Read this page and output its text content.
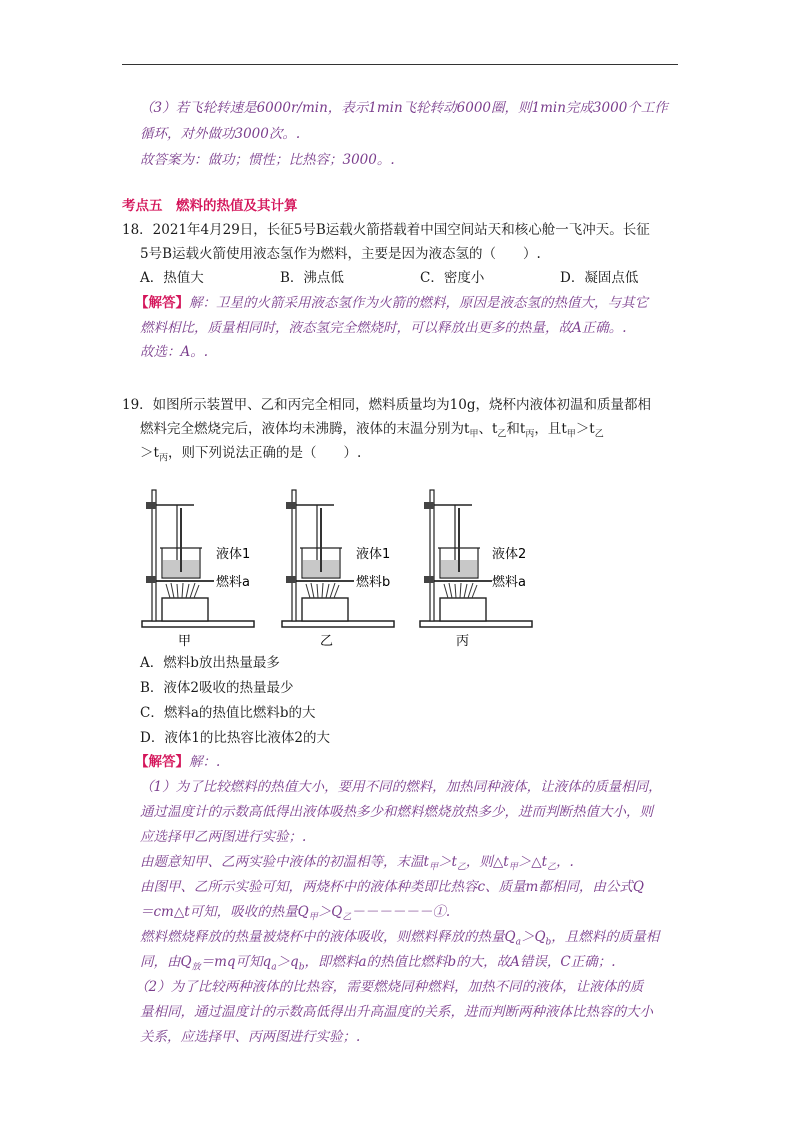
（3）若飞轮转速是6000r/min，表示1min飞轮转动6000圈，则1min完成3000个工作
循环，对外做功3000次。.
故答案为：做功；惯性；比热容；3000。.
考点五　燃料的热值及其计算
18．2021年4月29日，长征5号B运载火箭搭载着中国空间站天和核心舱一飞冲天。长征
5号B运载火箭使用液态氢作为燃料，主要是因为液态氢的（　　）.
A．热值大	B．沸点低	C．密度小	D．凝固点低
【解答】解：卫星的火箭采用液态氢作为火箭的燃料，原因是液态氢的热值大，与其它
燃料相比，质量相同时，液态氢完全燃烧时，可以释放出更多的热量，故A正确。.
故选：A。.
19．如图所示装置甲、乙和丙完全相同，燃料质量均为10g，烧杯内液体初温和质量都相
燃料完全燃烧完后，液体均未沸腾，液体的末温分别为$t_甲$、$t_乙$和$t_丙$，且$t_甲>t_乙$
$>t_丙$，则下列说法正确的是（　　）.
液体1
燃料a
液体1
燃料b
液体2
燃料a
甲	乙	丙
A．燃料b放出热量最多
B．液体2吸收的热量最少
C．燃料a的热值比燃料b的大
D．液体1的比热容比液体2的大
【解答】解：.
（1）为了比较燃料的热值大小，要用不同的燃料，加热同种液体，让液体的质量相同，
通过温度计的示数高低得出液体吸热多少和燃料燃烧放热多少，进而判断热值大小，则
应选择甲乙两图进行实验；.
由题意知甲、乙两实验中液体的初温相等，末温$t_甲>t_乙$，则$\triangle t_甲>\triangle t_乙$，.
由图甲、乙所示实验可知，两烧杯中的液体种类即比热容c、质量m都相同，由公式Q
＝cm△t可知，吸收的热量$Q_甲>Q_乙------①$.
燃料燃烧释放的热量被烧杯中的液体吸收，则燃料释放的热量$Q_a>Q_b$，且燃料的质量相
同，由$Q_放=mq$可知$q_a>q_b$，即燃料a的热值比燃料b的大，故A错误，C正确；.
（2）为了比较两种液体的比热容，需要燃烧同种燃料，加热不同的液体，让液体的质
量相同，通过温度计的示数高低得出升高温度的关系，进而判断两种液体比热容的大小
关系，应选择甲、丙两图进行实验；.
